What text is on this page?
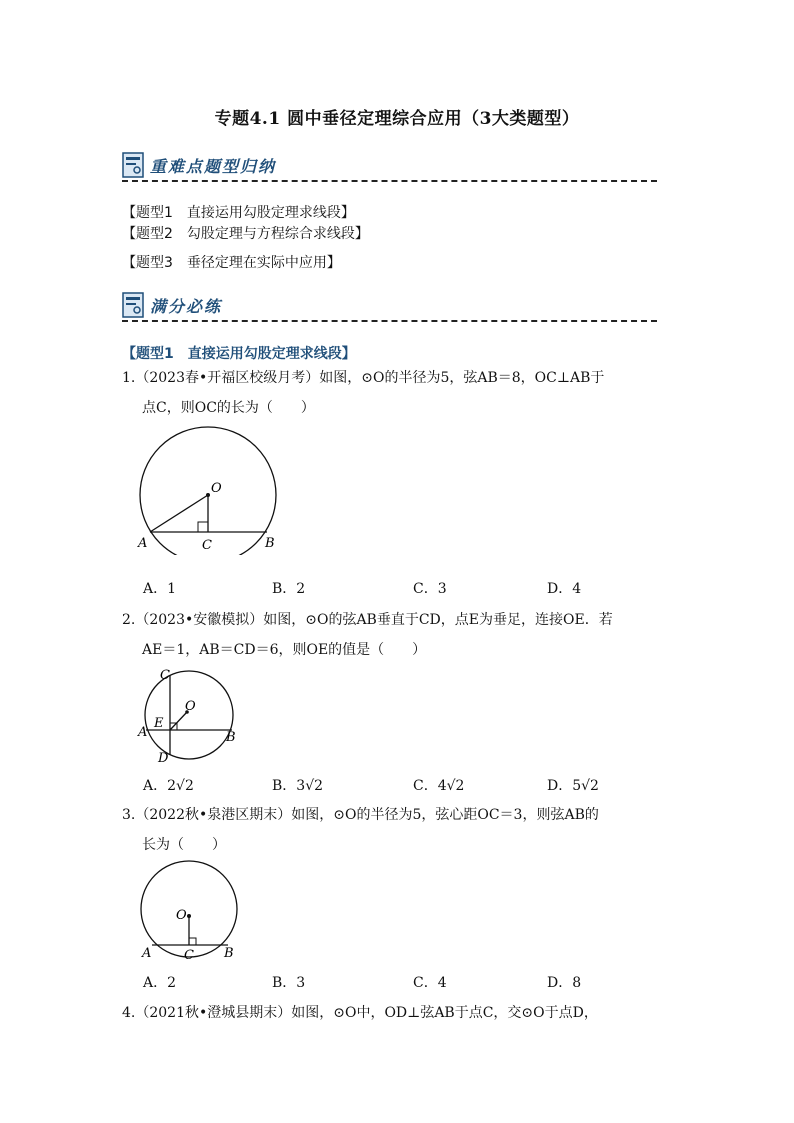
专题4.1 圆中垂径定理综合应用（3大类题型）
重难点题型归纳
【题型1　直接运用勾股定理求线段】
【题型2　勾股定理与方程综合求线段】
【题型3　垂径定理在实际中应用】
满分必练
【题型1　直接运用勾股定理求线段】
1.（2023春•开福区校级月考）如图，⊙O的半径为5，弦AB＝8，OC⊥AB于
点C，则OC的长为（　　）
O
A	C	B
A．1	B．2	C．3	D．4
2.（2023•安徽模拟）如图，⊙O的弦AB垂直于CD，点E为垂足，连接OE．若
AE＝1，AB＝CD＝6，则OE的值是（　　）
C
O
E
A	B
D
A．2√2	B．3√2	C．4√2	D．5√2
3.（2022秋•泉港区期末）如图，⊙O的半径为5，弦心距OC＝3，则弦AB的
长为（　　）
O
A	C B
A．2	B．3	C．4	D．8
4.（2021秋•澄城县期末）如图，⊙O中，OD⊥弦AB于点C，交⊙O于点D，
